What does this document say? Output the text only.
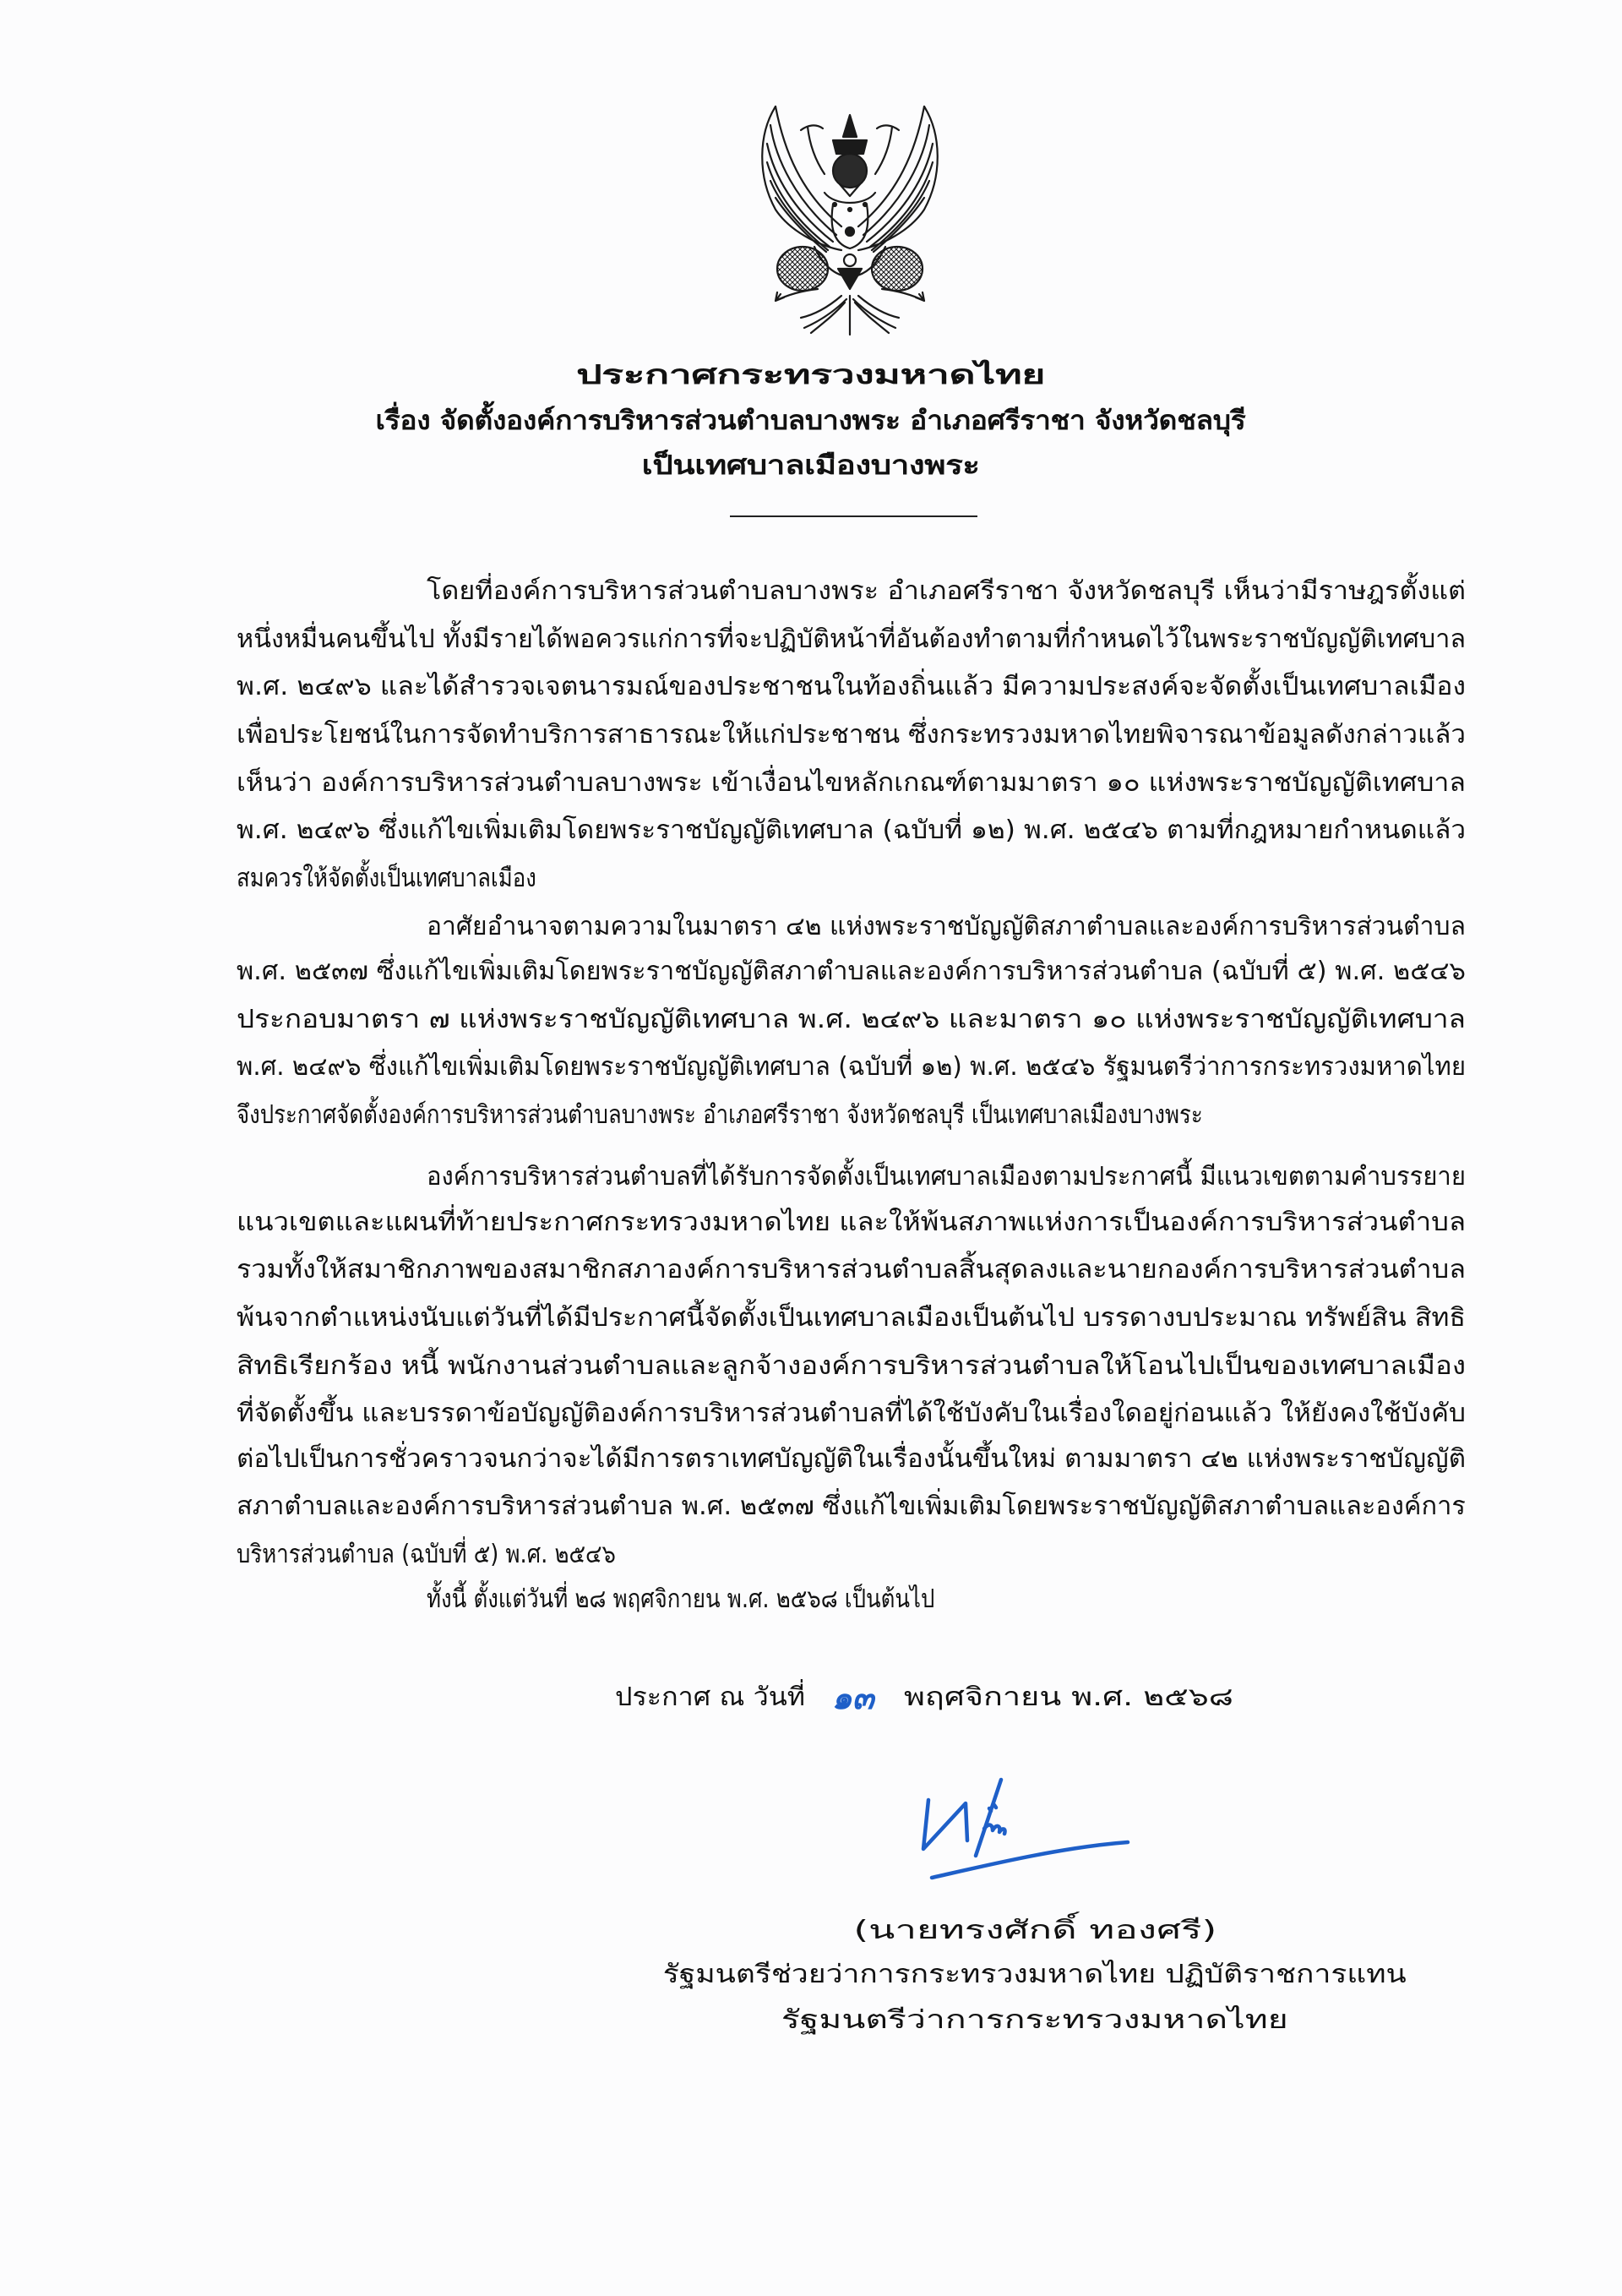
ประกาศกระทรวงมหาดไทย
เรื่อง จัดตั้งองค์การบริหารส่วนตำบลบางพระ อำเภอศรีราชา จังหวัดชลบุรี
เป็นเทศบาลเมืองบางพระ

โดยที่องค์การบริหารส่วนตำบลบางพระ อำเภอศรีราชา จังหวัดชลบุรี เห็นว่ามีราษฎรตั้งแต่
หนึ่งหมื่นคนขึ้นไป ทั้งมีรายได้พอควรแก่การที่จะปฏิบัติหน้าที่อันต้องทำตามที่กำหนดไว้ในพระราชบัญญัติเทศบาล
พ.ศ. ๒๔๙๖ และได้สำรวจเจตนารมณ์ของประชาชนในท้องถิ่นแล้ว มีความประสงค์จะจัดตั้งเป็นเทศบาลเมือง
เพื่อประโยชน์ในการจัดทำบริการสาธารณะให้แก่ประชาชน ซึ่งกระทรวงมหาดไทยพิจารณาข้อมูลดังกล่าวแล้ว
เห็นว่า องค์การบริหารส่วนตำบลบางพระ เข้าเงื่อนไขหลักเกณฑ์ตามมาตรา ๑๐ แห่งพระราชบัญญัติเทศบาล
พ.ศ. ๒๔๙๖ ซึ่งแก้ไขเพิ่มเติมโดยพระราชบัญญัติเทศบาล (ฉบับที่ ๑๒) พ.ศ. ๒๕๔๖ ตามที่กฎหมายกำหนดแล้ว
สมควรให้จัดตั้งเป็นเทศบาลเมือง
อาศัยอำนาจตามความในมาตรา ๔๒ แห่งพระราชบัญญัติสภาตำบลและองค์การบริหารส่วนตำบล
พ.ศ. ๒๕๓๗ ซึ่งแก้ไขเพิ่มเติมโดยพระราชบัญญัติสภาตำบลและองค์การบริหารส่วนตำบล (ฉบับที่ ๕) พ.ศ. ๒๕๔๖
ประกอบมาตรา ๗ แห่งพระราชบัญญัติเทศบาล พ.ศ. ๒๔๙๖ และมาตรา ๑๐ แห่งพระราชบัญญัติเทศบาล
พ.ศ. ๒๔๙๖ ซึ่งแก้ไขเพิ่มเติมโดยพระราชบัญญัติเทศบาล (ฉบับที่ ๑๒) พ.ศ. ๒๕๔๖ รัฐมนตรีว่าการกระทรวงมหาดไทย
จึงประกาศจัดตั้งองค์การบริหารส่วนตำบลบางพระ อำเภอศรีราชา จังหวัดชลบุรี เป็นเทศบาลเมืองบางพระ
องค์การบริหารส่วนตำบลที่ได้รับการจัดตั้งเป็นเทศบาลเมืองตามประกาศนี้ มีแนวเขตตามคำบรรยาย
แนวเขตและแผนที่ท้ายประกาศกระทรวงมหาดไทย และให้พ้นสภาพแห่งการเป็นองค์การบริหารส่วนตำบล
รวมทั้งให้สมาชิกภาพของสมาชิกสภาองค์การบริหารส่วนตำบลสิ้นสุดลงและนายกองค์การบริหารส่วนตำบล
พ้นจากตำแหน่งนับแต่วันที่ได้มีประกาศนี้จัดตั้งเป็นเทศบาลเมืองเป็นต้นไป บรรดางบประมาณ ทรัพย์สิน สิทธิ
สิทธิเรียกร้อง หนี้ พนักงานส่วนตำบลและลูกจ้างองค์การบริหารส่วนตำบลให้โอนไปเป็นของเทศบาลเมือง
ที่จัดตั้งขึ้น และบรรดาข้อบัญญัติองค์การบริหารส่วนตำบลที่ได้ใช้บังคับในเรื่องใดอยู่ก่อนแล้ว ให้ยังคงใช้บังคับ
ต่อไปเป็นการชั่วคราวจนกว่าจะได้มีการตราเทศบัญญัติในเรื่องนั้นขึ้นใหม่ ตามมาตรา ๔๒ แห่งพระราชบัญญัติ
สภาตำบลและองค์การบริหารส่วนตำบล พ.ศ. ๒๕๓๗ ซึ่งแก้ไขเพิ่มเติมโดยพระราชบัญญัติสภาตำบลและองค์การ
บริหารส่วนตำบล (ฉบับที่ ๕) พ.ศ. ๒๕๔๖
ทั้งนี้ ตั้งแต่วันที่ ๒๘ พฤศจิกายน พ.ศ. ๒๕๖๘ เป็นต้นไป
ประกาศ ณ วันที่ ๑๓ พฤศจิกายน พ.ศ. ๒๕๖๘
(นายทรงศักดิ์ ทองศรี)
รัฐมนตรีช่วยว่าการกระทรวงมหาดไทย ปฏิบัติราชการแทน
รัฐมนตรีว่าการกระทรวงมหาดไทย
